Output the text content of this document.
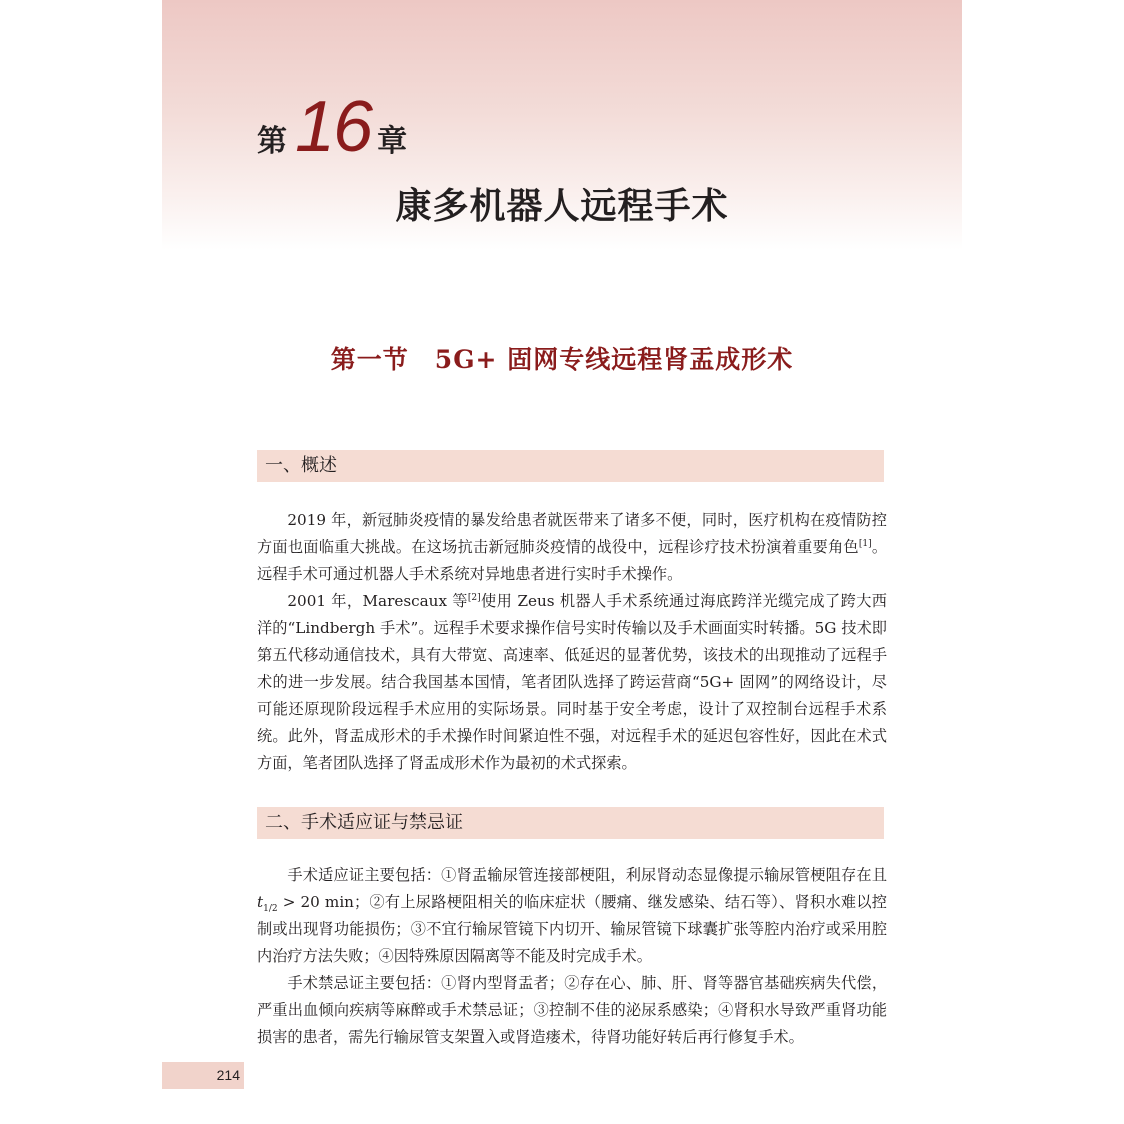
第 16 章
康多机器人远程手术
第一节 5G+ 固网专线远程肾盂成形术
一、概述

2019 年，新冠肺炎疫情的暴发给患者就医带来了诸多不便，同时，医疗机构在疫情防控方面也面临重大挑战。在这场抗击新冠肺炎疫情的战役中，远程诊疗技术扮演着重要角色[1]。远程手术可通过机器人手术系统对异地患者进行实时手术操作。

2001 年，Marescaux 等[2]使用 Zeus 机器人手术系统通过海底跨洋光缆完成了跨大西洋的“Lindbergh 手术”。远程手术要求操作信号实时传输以及手术画面实时转播。5G 技术即第五代移动通信技术，具有大带宽、高速率、低延迟的显著优势，该技术的出现推动了远程手术的进一步发展。结合我国基本国情，笔者团队选择了跨运营商“5G+ 固网”的网络设计，尽可能还原现阶段远程手术应用的实际场景。同时基于安全考虑，设计了双控制台远程手术系统。此外，肾盂成形术的手术操作时间紧迫性不强，对远程手术的延迟包容性好，因此在术式方面，笔者团队选择了肾盂成形术作为最初的术式探索。

二、手术适应证与禁忌证

手术适应证主要包括：①肾盂输尿管连接部梗阻，利尿肾动态显像提示输尿管梗阻存在且 $t_{1/2} > 20$ min；②有上尿路梗阻相关的临床症状（腰痛、继发感染、结石等）、肾积水难以控制或出现肾功能损伤；③不宜行输尿管镜下内切开、输尿管镜下球囊扩张等腔内治疗或采用腔内治疗方法失败；④因特殊原因隔离等不能及时完成手术。

手术禁忌证主要包括：①肾内型肾盂者；②存在心、肺、肝、肾等器官基础疾病失代偿，严重出血倾向疾病等麻醉或手术禁忌证；③控制不佳的泌尿系感染；④肾积水导致严重肾功能损害的患者，需先行输尿管支架置入或肾造瘘术，待肾功能好转后再行修复手术。

214
